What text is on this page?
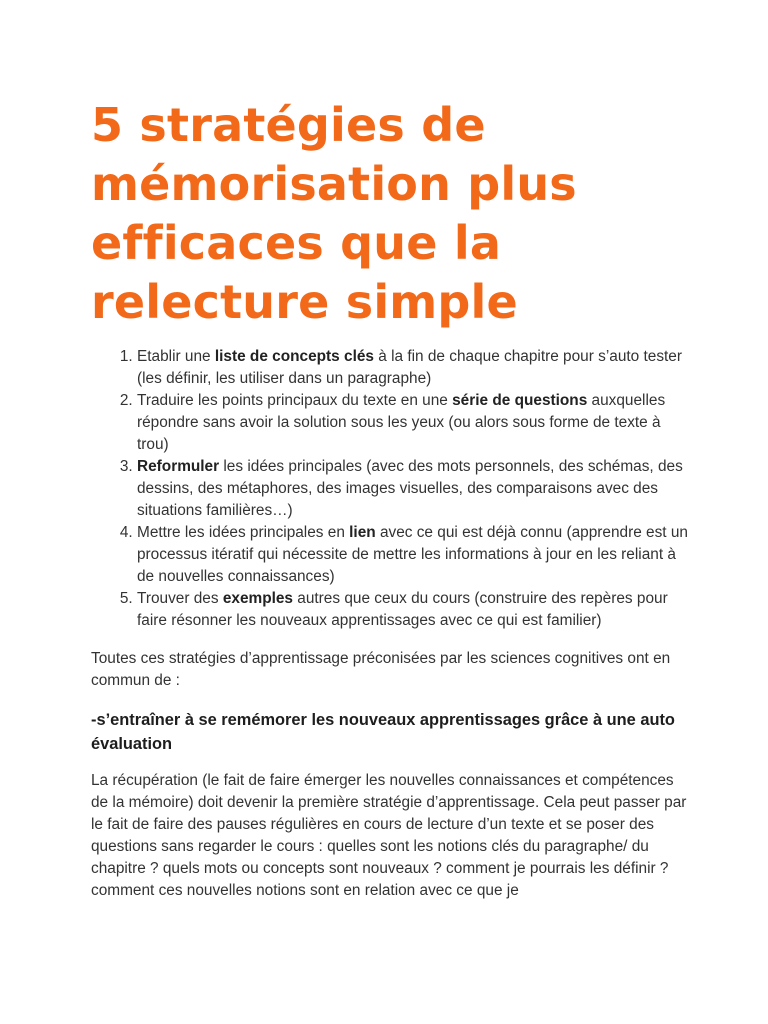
5 stratégies de mémorisation plus efficaces que la relecture simple
1. Etablir une liste de concepts clés à la fin de chaque chapitre pour s’auto tester (les définir, les utiliser dans un paragraphe)
2. Traduire les points principaux du texte en une série de questions auxquelles répondre sans avoir la solution sous les yeux (ou alors sous forme de texte à trou)
3. Reformuler les idées principales (avec des mots personnels, des schémas, des dessins, des métaphores, des images visuelles, des comparaisons avec des situations familières…)
4. Mettre les idées principales en lien avec ce qui est déjà connu (apprendre est un processus itératif qui nécessite de mettre les informations à jour en les reliant à de nouvelles connaissances)
5. Trouver des exemples autres que ceux du cours (construire des repères pour faire résonner les nouveaux apprentissages avec ce qui est familier)

Toutes ces stratégies d’apprentissage préconisées par les sciences cognitives ont en commun de :

-s’entraîner à se remémorer les nouveaux apprentissages grâce à une auto évaluation

La récupération (le fait de faire émerger les nouvelles connaissances et compétences de la mémoire) doit devenir la première stratégie d’apprentissage. Cela peut passer par le fait de faire des pauses régulières en cours de lecture d’un texte et se poser des questions sans regarder le cours : quelles sont les notions clés du paragraphe/ du chapitre ? quels mots ou concepts sont nouveaux ? comment je pourrais les définir ? comment ces nouvelles notions sont en relation avec ce que je
